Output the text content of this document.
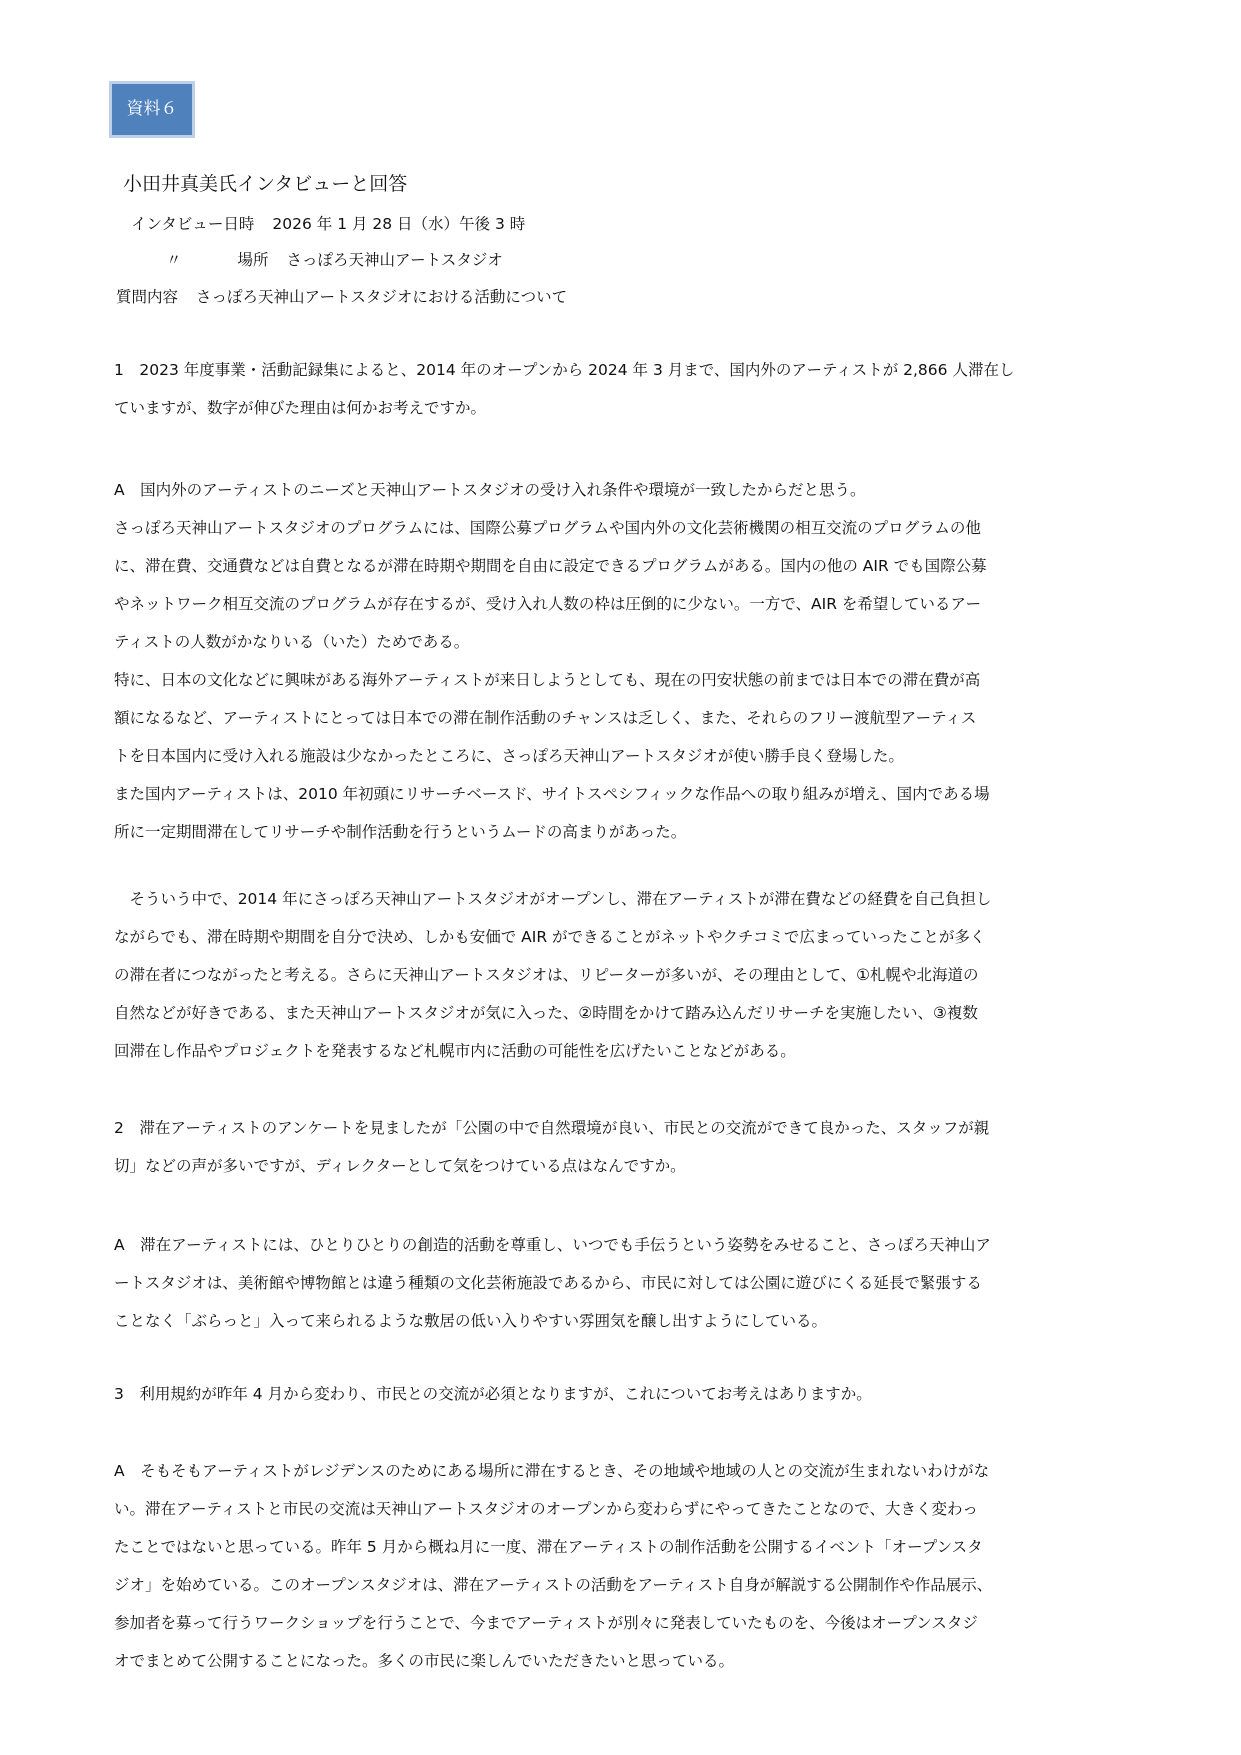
資料６
小田井真美氏インタビューと回答
インタビュー日時 2026 年 1 月 28 日（水）午後 3 時
〃	場所 さっぽろ天神山アートスタジオ
質問内容 さっぽろ天神山アートスタジオにおける活動について
1　2023 年度事業・活動記録集によると、2014 年のオープンから 2024 年 3 月まで、国内外のアーティストが 2,866 人滞在し
ていますが、数字が伸びた理由は何かお考えですか。
A　国内外のアーティストのニーズと天神山アートスタジオの受け入れ条件や環境が一致したからだと思う。
さっぽろ天神山アートスタジオのプログラムには、国際公募プログラムや国内外の文化芸術機関の相互交流のプログラムの他
に、滞在費、交通費などは自費となるが滞在時期や期間を自由に設定できるプログラムがある。国内の他の AIR でも国際公募
やネットワーク相互交流のプログラムが存在するが、受け入れ人数の枠は圧倒的に少ない。一方で、AIR を希望しているアー
ティストの人数がかなりいる（いた）ためである。
特に、日本の文化などに興味がある海外アーティストが来日しようとしても、現在の円安状態の前までは日本での滞在費が高
額になるなど、アーティストにとっては日本での滞在制作活動のチャンスは乏しく、また、それらのフリー渡航型アーティス
トを日本国内に受け入れる施設は少なかったところに、さっぽろ天神山アートスタジオが使い勝手良く登場した。
また国内アーティストは、2010 年初頭にリサーチベースド、サイトスペシフィックな作品への取り組みが増え、国内である場
所に一定期間滞在してリサーチや制作活動を行うというムードの高まりがあった。
　そういう中で、2014 年にさっぽろ天神山アートスタジオがオープンし、滞在アーティストが滞在費などの経費を自己負担し
ながらでも、滞在時期や期間を自分で決め、しかも安価で AIR ができることがネットやクチコミで広まっていったことが多く
の滞在者につながったと考える。さらに天神山アートスタジオは、リピーターが多いが、その理由として、①札幌や北海道の
自然などが好きである、また天神山アートスタジオが気に入った、②時間をかけて踏み込んだリサーチを実施したい、③複数
回滞在し作品やプロジェクトを発表するなど札幌市内に活動の可能性を広げたいことなどがある。
2　滞在アーティストのアンケートを見ましたが「公園の中で自然環境が良い、市民との交流ができて良かった、スタッフが親
切」などの声が多いですが、ディレクターとして気をつけている点はなんですか。
A　滞在アーティストには、ひとりひとりの創造的活動を尊重し、いつでも手伝うという姿勢をみせること、さっぽろ天神山ア
ートスタジオは、美術館や博物館とは違う種類の文化芸術施設であるから、市民に対しては公園に遊びにくる延長で緊張する
ことなく「ぶらっと」入って来られるような敷居の低い入りやすい雰囲気を醸し出すようにしている。
3　利用規約が昨年 4 月から変わり、市民との交流が必須となりますが、これについてお考えはありますか。
A　そもそもアーティストがレジデンスのためにある場所に滞在するとき、その地域や地域の人との交流が生まれないわけがな
い。滞在アーティストと市民の交流は天神山アートスタジオのオープンから変わらずにやってきたことなので、大きく変わっ
たことではないと思っている。昨年 5 月から概ね月に一度、滞在アーティストの制作活動を公開するイベント「オープンスタ
ジオ」を始めている。このオープンスタジオは、滞在アーティストの活動をアーティスト自身が解説する公開制作や作品展示、
参加者を募って行うワークショップを行うことで、今までアーティストが別々に発表していたものを、今後はオープンスタジ
オでまとめて公開することになった。多くの市民に楽しんでいただきたいと思っている。
